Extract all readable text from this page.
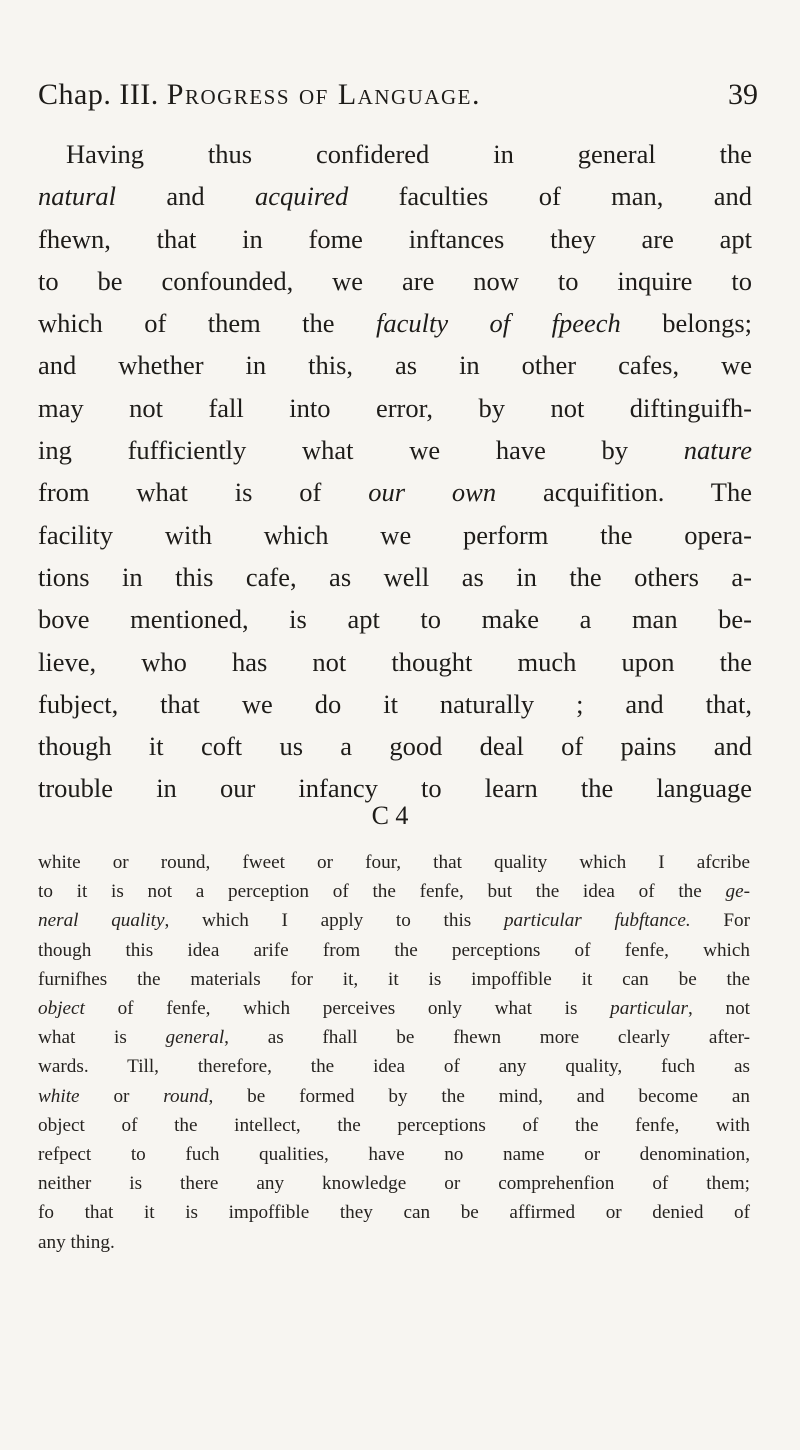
Chap. III. Progress of Language.	39
Having thus confidered in general the
natural and acquired faculties of man, and
fhewn, that in fome inftances they are apt
to be confounded, we are now to inquire to
which of them the faculty of fpeech belongs;
and whether in this, as in other cafes, we
may not fall into error, by not diftinguifh-
ing fufficiently what we have by nature
from what is of our own acquifition. The
facility with which we perform the opera-
tions in this cafe, as well as in the others a-
bove mentioned, is apt to make a man be-
lieve, who has not thought much upon the
fubject, that we do it naturally ; and that,
though it coft us a good deal of pains and
trouble in our infancy to learn the language
C 4
white or round, fweet or four, that quality which I afcribe
to it is not a perception of the fenfe, but the idea of the ge-
neral quality, which I apply to this particular fubftance. For
though this idea arife from the perceptions of fenfe, which
furnifhes the materials for it, it is impoffible it can be the
object of fenfe, which perceives only what is particular, not
what is general, as fhall be fhewn more clearly after-
wards. Till, therefore, the idea of any quality, fuch as
white or round, be formed by the mind, and become an
object of the intellect, the perceptions of the fenfe, with
refpect to fuch qualities, have no name or denomination,
neither is there any knowledge or comprehenfion of them;
fo that it is impoffible they can be affirmed or denied of
any thing.
